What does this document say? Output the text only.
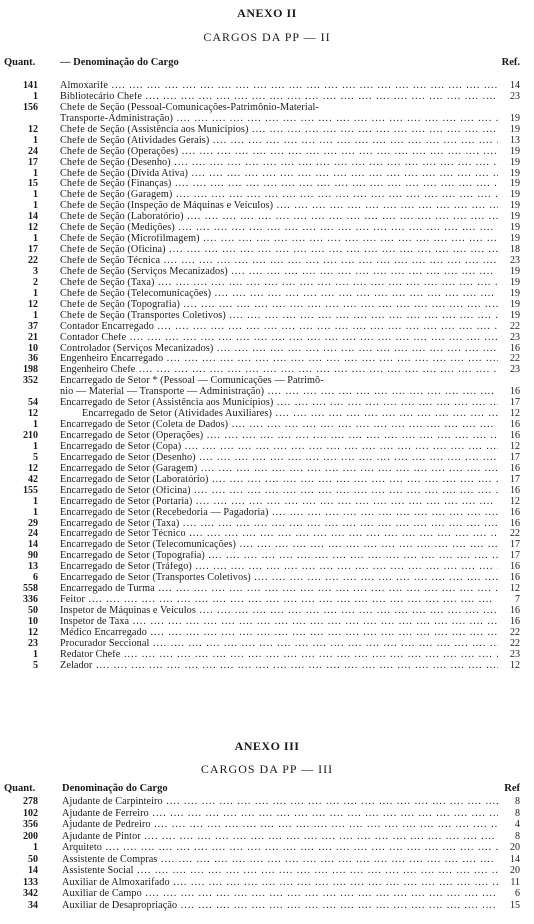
ANEXO II
CARGOS DA PP — II
Quant. — Denominação do Cargo	Ref.
141 Almoxarife ....	14
1 Bibliotecário Chefe ....	23
156 Chefe de Seção (Pessoal-Comunicações-Patrimônio-Material-
Transporte-Administração) ....	19
12 Chefe de Seção (Assistência aos Municípios) ....	19
1 Chefe de Seção (Atividades Gerais) ....	13
24 Chefe de Seção (Operações) ....	19
17 Chefe de Seção (Desenho) ....	19
1 Chefe de Seção (Dívida Ativa) ....	19
15 Chefe de Seção (Finanças) ....	19
1 Chefe de Seção (Garagem) ....	19
1 Chefe de Seção (Inspeção de Máquinas e Veículos) ....	19
14 Chefe de Seção (Laboratório) ....	19
12 Chefe de Seção (Medições) ....	19
1 Chefe de Seção (Microfilmagem) ....	19
17 Chefe de Seção (Oficina) ....	18
22 Chefe de Seção Técnica ....	23
3 Chefe de Seção (Serviços Mecanizados) ....	19
2 Chefe de Seção (Taxa) ....	19
1 Chefe de Seção (Telecomunicações) ....	19
12 Chefe de Seção (Topografia) ....	19
1 Chefe de Seção (Transportes Coletivos) ....	19
37 Contador Encarregado ....	22
21 Contador Chefe ....	23
10 Controlador (Serviços Mecanizados) ....	16
36 Engenheiro Encarregado ....	22
198 Engenheiro Chefe ....	23
352 Encarregado de Setor * (Pessoal — Comunicações — Patrimô-
nio — Material — Transporte — Administração) ....	16
54 Encarregado de Setor (Assistência aos Municípios) ....	17
12	Encarregado de Setor (Atividades Auxiliares) ....	12
1 Encarregado de Setor (Coleta de Dados) ....	16
210 Encarregado de Setor (Operações) ....	16
1 Encarregado de Setor (Copa) ....	12
5 Encarregado de Setor (Desenho) ....	17
12 Encarregado de Setor (Garagem) ....	16
42 Encarregado de Setor (Laboratório) ....	17
155 Encarregado de Setor (Oficina) ....	16
1 Encarregado de Setor (Portaria) ....	12
1 Encarregado de Setor (Recebedoria — Pagadoria) ....	16
29 Encarregado de Setor (Taxa) ....	16
24 Encarregado de Setor Técnico ....	22
14 Encarregado de Setor (Telecomunicações) ....	17
90 Encarregado de Setor (Topografia) ....	17
13 Encarregado de Setor (Tráfego) ....	16
6 Encarregado de Setor (Transportes Coletivos) ....	16
558 Encarregado de Turma ....	12
336 Feitor ....	7
50 Inspetor de Máquinas e Veículos ....	16
10 Inspetor de Taxa ....	16
12 Médico Encarregado ....	22
23 Procurador Seccional ....	22
1 Redator Chefe ....	23
5 Zelador ....	12
ANEXO III
CARGOS DA PP — III
Quant.	Denominação do Cargo	Ref
278 Ajudante de Carpinteiro ....	8
102 Ajudante de Ferreiro ....	8
356 Ajudante de Pedreiro ....	4
200 Ajudante de Pintor ....	8
1 Arquiteto ....	20
50 Assistente de Compras ....	14
14 Assistente Social ....	20
133 Auxiliar de Almoxarifado ....	11
342 Auxiliar de Campo ....	6
34 Auxiliar de Desapropriação ....	15
